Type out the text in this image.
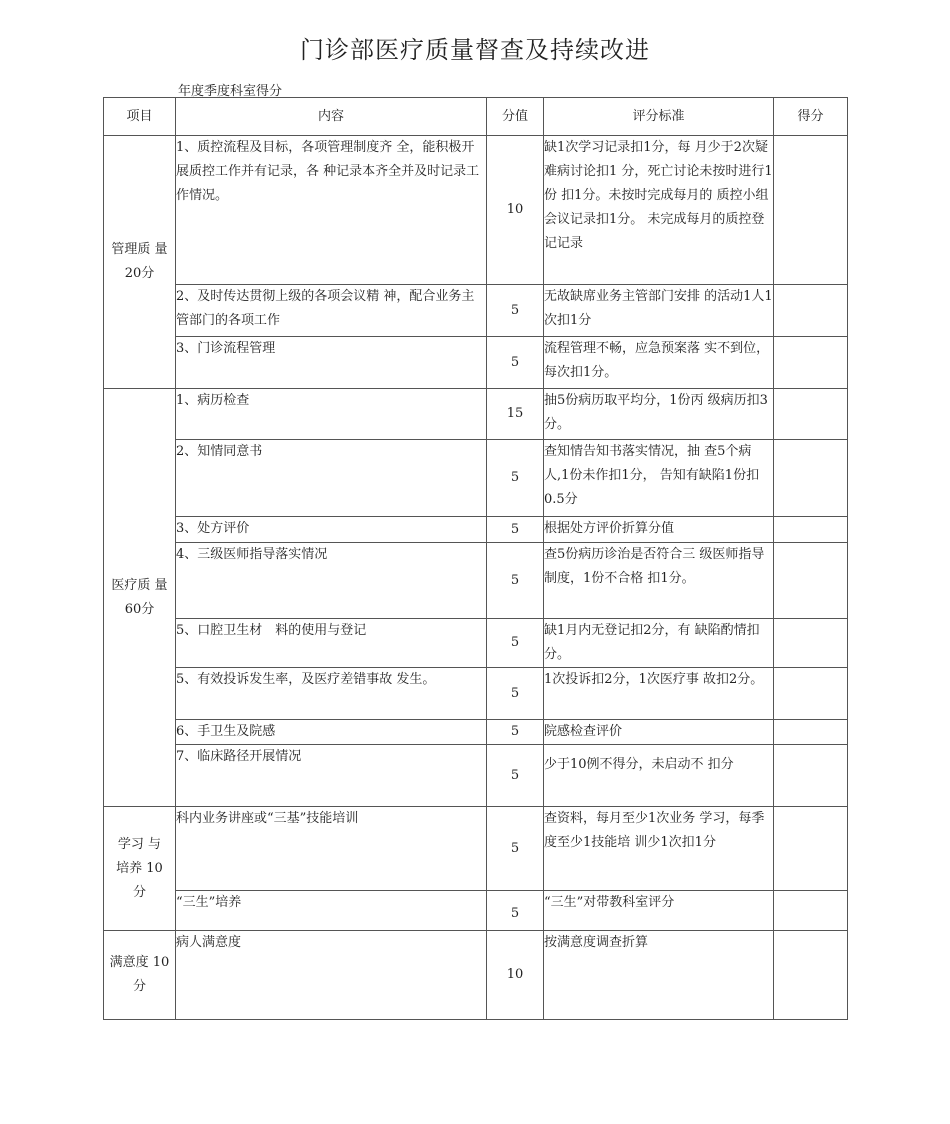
门诊部医疗质量督查及持续改进
年度季度科室得分
项目	内容	分值	评分标准	得分
管理质 量
20分	1、质控流程及目标，各项管理制度齐 全，能积极开展质控工作并有记录，各 种记录本齐全并及时记录工作情况。	10	缺1次学习记录扣1分，每 月少于2次疑难病讨论扣1 分，死亡讨论未按时进行1份 扣1分。未按时完成每月的 质控小组会议记录扣1分。 未完成每月的质控登记记录	
	2、及时传达贯彻上级的各项会议精 神，配合业务主管部门的各项工作	5	无故缺席业务主管部门安排 的活动1人1次扣1分	
	3、门诊流程管理	5	流程管理不畅，应急预案落 实不到位，每次扣1分。	
医疗质 量
60分	1、病历检查	15	抽5份病历取平均分，1份丙 级病历扣3分。	
	2、知情同意书	5	查知情告知书落实情况，抽 查5个病人,1份未作扣1分， 告知有缺陷1份扣0.5分	
	3、处方评价	5	根据处方评价折算分值	
	4、三级医师指导落实情况	5	查5份病历诊治是否符合三 级医师指导制度，1份不合格 扣1分。	
	5、口腔卫生材　料的使用与登记	5	缺1月内无登记扣2分，有 缺陷酌情扣分。	
	5、有效投诉发生率，及医疗差错事故 发生。	5	1次投诉扣2分，1次医疗事 故扣2分。	
	6、手卫生及院感	5	院感检查评价	
	7、临床路径开展情况	5	少于10例不得分，未启动不 扣分	
学习 与
培养 10
分	科内业务讲座或“三基”技能培训	5	查资料，每月至少1次业务 学习，每季度至少1技能培 训少1次扣1分	
	“三生”培养	5	“三生”对带教科室评分	
满意度 10
分	病人满意度	10	按满意度调查折算	
